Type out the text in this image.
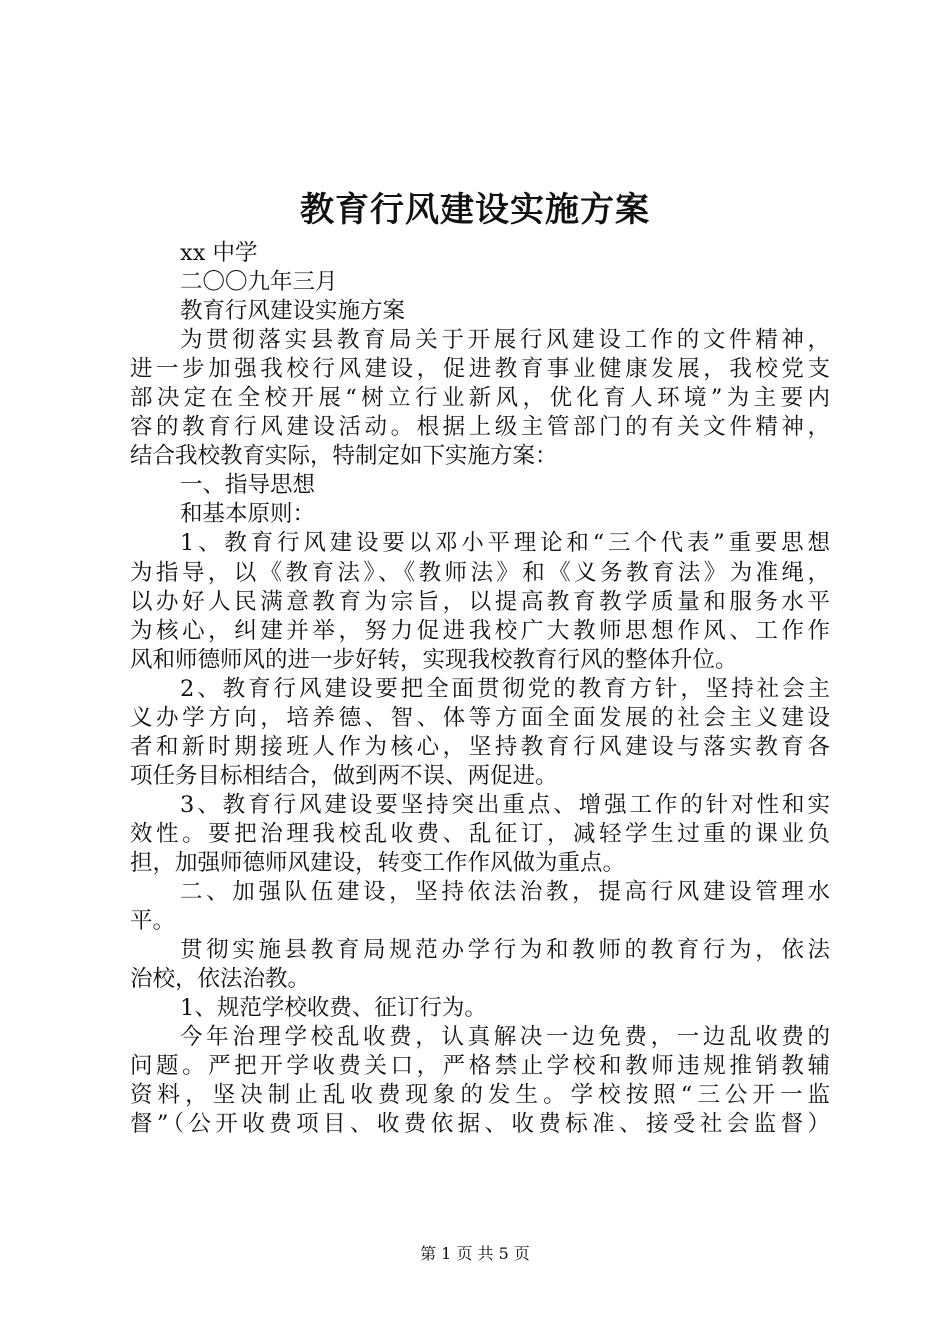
教育行风建设实施方案
xx 中学
二〇〇九年三月
教育行风建设实施方案
为贯彻落实县教育局关于开展行风建设工作的文件精神，
进一步加强我校行风建设，促进教育事业健康发展，我校党支
部决定在全校开展“树立行业新风，优化育人环境”为主要内
容的教育行风建设活动。根据上级主管部门的有关文件精神，
结合我校教育实际，特制定如下实施方案：
一、指导思想
和基本原则：
1、教育行风建设要以邓小平理论和“三个代表”重要思想
为指导，以《教育法》、《教师法》和《义务教育法》为准绳，
以办好人民满意教育为宗旨，以提高教育教学质量和服务水平
为核心，纠建并举，努力促进我校广大教师思想作风、工作作
风和师德师风的进一步好转，实现我校教育行风的整体升位。
2、教育行风建设要把全面贯彻党的教育方针，坚持社会主
义办学方向，培养德、智、体等方面全面发展的社会主义建设
者和新时期接班人作为核心，坚持教育行风建设与落实教育各
项任务目标相结合，做到两不误、两促进。
3、教育行风建设要坚持突出重点、增强工作的针对性和实
效性。要把治理我校乱收费、乱征订，减轻学生过重的课业负
担，加强师德师风建设，转变工作作风做为重点。
二、加强队伍建设，坚持依法治教，提高行风建设管理水
平。
贯彻实施县教育局规范办学行为和教师的教育行为，依法
治校，依法治教。
1、规范学校收费、征订行为。
今年治理学校乱收费，认真解决一边免费，一边乱收费的
问题。严把开学收费关口，严格禁止学校和教师违规推销教辅
资料，坚决制止乱收费现象的发生。学校按照“三公开一监
督”（公开收费项目、收费依据、收费标准、接受社会监督）
第 1 页 共 5 页
